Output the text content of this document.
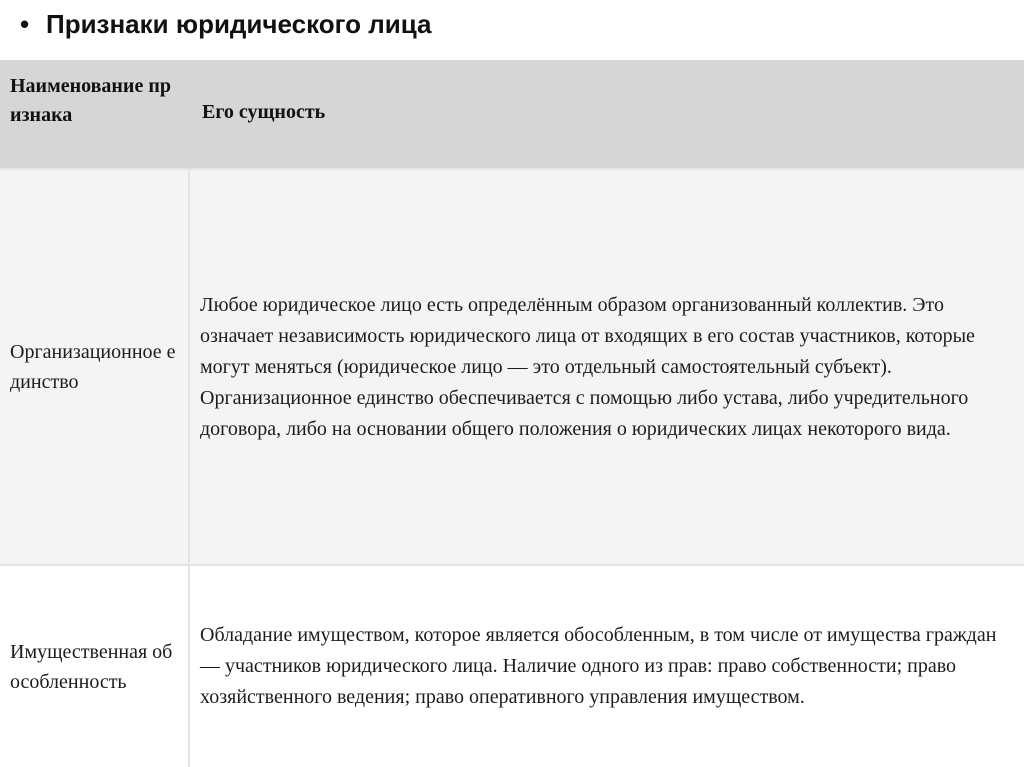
• Признаки юридического лица
Наименование признака	Его сущность
Организационное единство
Любое юридическое лицо есть определённым образом организованный коллектив. Это означает независимость юридического лица от входящих в его состав участников, которые могут меняться (юридическое лицо — это отдельный самостоятельный субъект).
Организационное единство обеспечивается с помощью либо устава, либо учредительного договора, либо на основании общего положения о юридических лицах некоторого вида.
Имущественная обособленность
Обладание имуществом, которое является обособленным, в том числе от имущества граждан — участников юридического лица. Наличие одного из прав: право собственности; право хозяйственного ведения; право оперативного управления имуществом.
